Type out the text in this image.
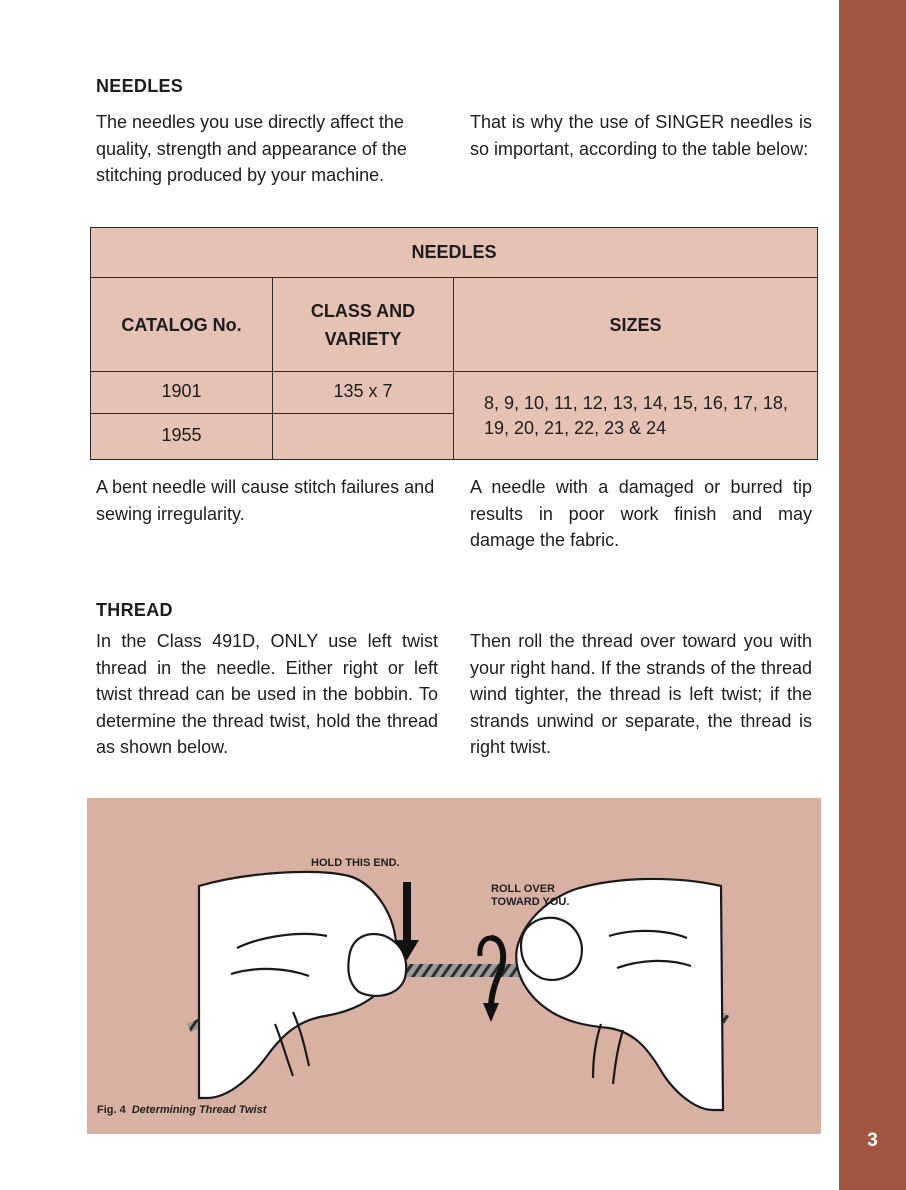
3
NEEDLES
The needles you use directly affect the quality, strength and appearance of the stitching produced by your machine.
That is why the use of SINGER needles is so important, according to the table below:
NEEDLES		
CATALOG No.	CLASS AND VARIETY	SIZES
1901	135 x 7	8, 9, 10, 11, 12, 13, 14, 15, 16, 17, 18, 19, 20, 21, 22, 23 & 24
1955		
A bent needle will cause stitch failures and sewing irregularity.
A needle with a damaged or burred tip results in poor work finish and may damage the fabric.
THREAD
In the Class 491D, ONLY use left twist thread in the needle. Either right or left twist thread can be used in the bobbin. To determine the thread twist, hold the thread as shown below.
Then roll the thread over toward you with your right hand. If the strands of the thread wind tighter, the thread is left twist; if the strands unwind or separate, the thread is right twist.
HOLD THIS END.
ROLL OVER TOWARD YOU.
Fig. 4 Determining Thread Twist
